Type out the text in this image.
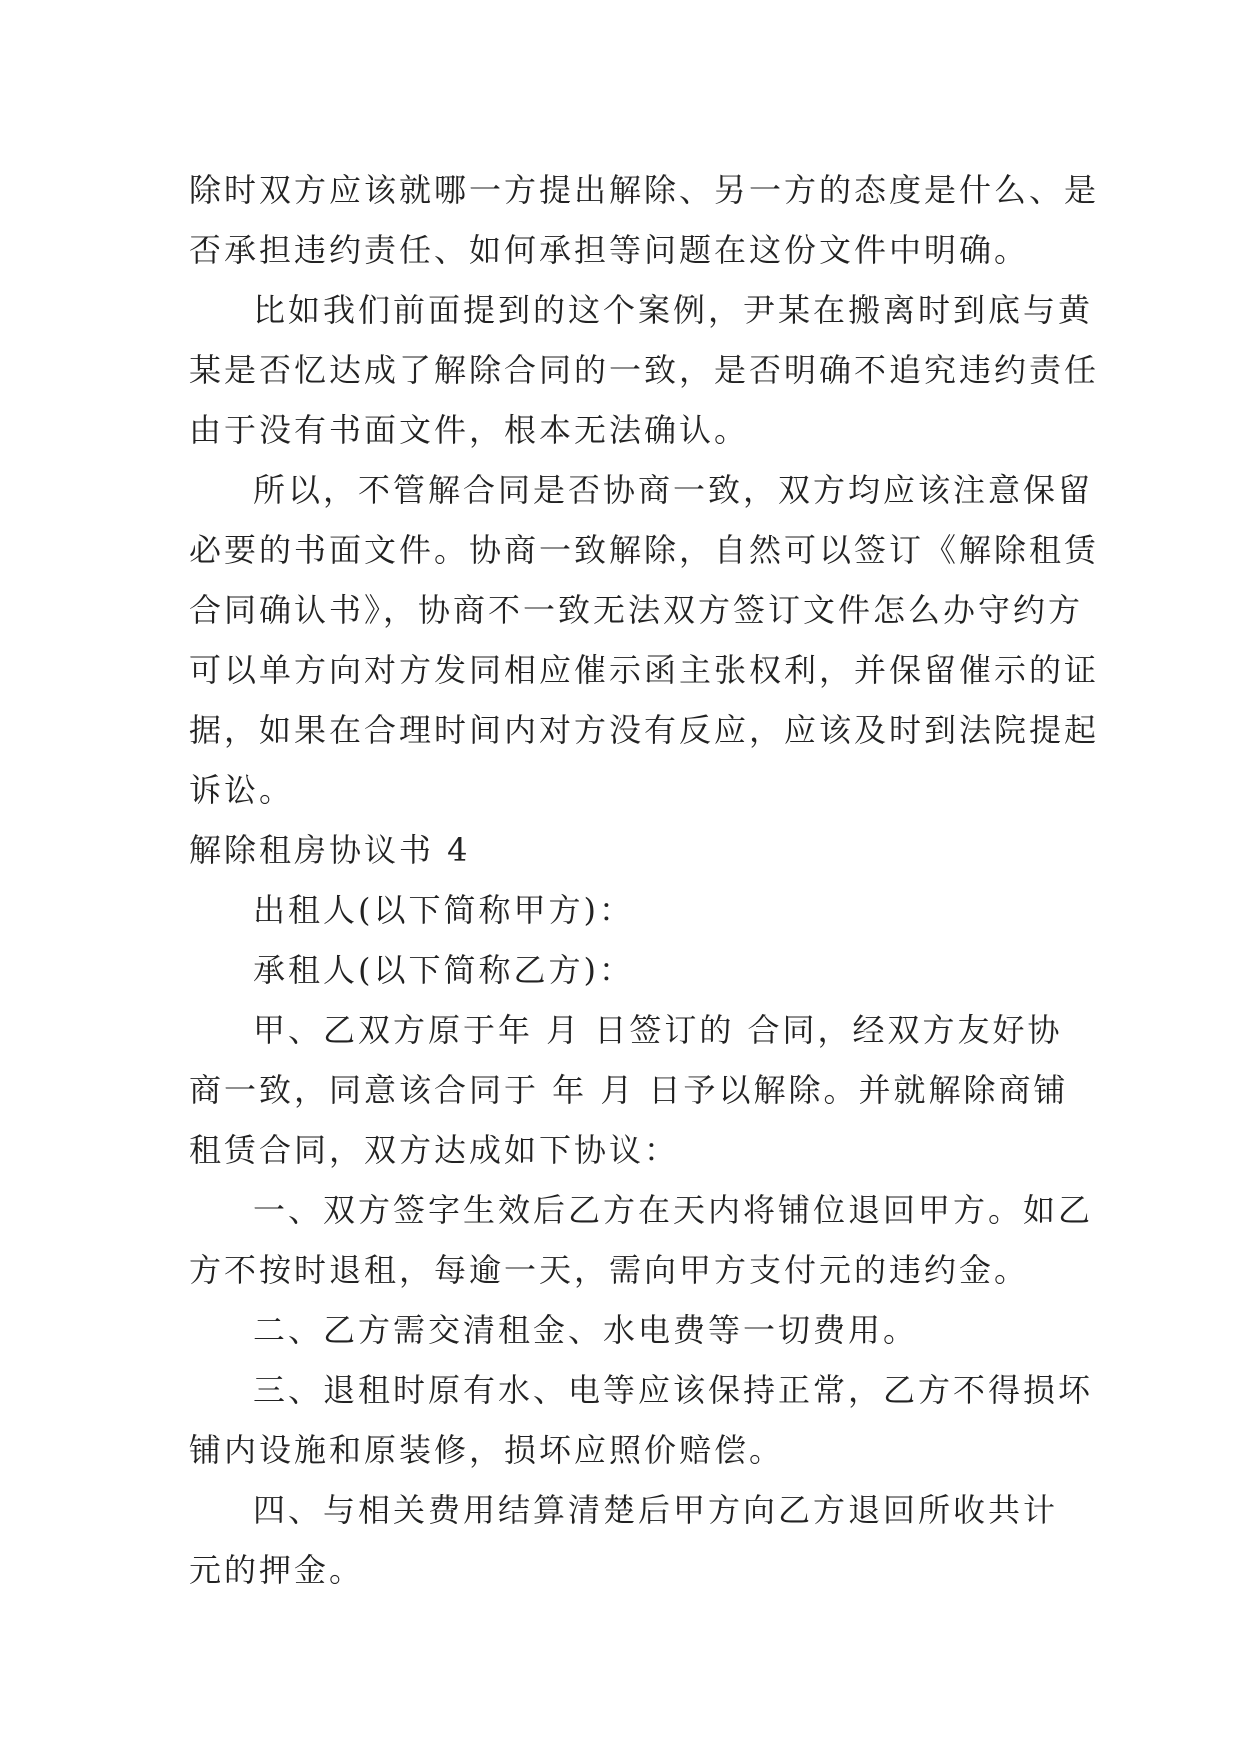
除时双方应该就哪一方提出解除、另一方的态度是什么、是
否承担违约责任、如何承担等问题在这份文件中明确。
比如我们前面提到的这个案例，尹某在搬离时到底与黄
某是否忆达成了解除合同的一致，是否明确不追究违约责任
由于没有书面文件，根本无法确认。
所以，不管解合同是否协商一致，双方均应该注意保留
必要的书面文件。协商一致解除，自然可以签订《解除租赁
合同确认书》，协商不一致无法双方签订文件怎么办守约方
可以单方向对方发同相应催示函主张权利，并保留催示的证
据，如果在合理时间内对方没有反应，应该及时到法院提起
诉讼。
解除租房协议书 4
出租人(以下简称甲方)：
承租人(以下简称乙方)：
甲、乙双方原于年 月 日签订的 合同，经双方友好协
商一致，同意该合同于 年 月 日予以解除。并就解除商铺
租赁合同，双方达成如下协议：
一、双方签字生效后乙方在天内将铺位退回甲方。如乙
方不按时退租，每逾一天，需向甲方支付元的违约金。
二、乙方需交清租金、水电费等一切费用。
三、退租时原有水、电等应该保持正常，乙方不得损坏
铺内设施和原装修，损坏应照价赔偿。
四、与相关费用结算清楚后甲方向乙方退回所收共计
元的押金。
